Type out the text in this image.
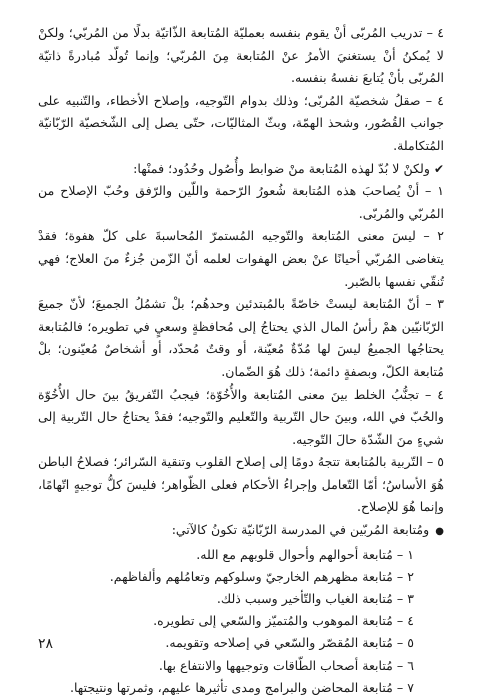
٤ – تدريب المُربّى أنْ يقوم بنفسه بعمليّة المُتابعة الذّاتيّة بدلًا من المُربّي؛ ولكنْ لا يُمكنُ أنْ يستغنيَ الأمرُ عنْ المُتابعة مِنَ المُربّي؛ وإنما تُولّد مُبادرةً ذاتيّة المُربّى بأنْ يُتابعَ نفسهُ بنفسه.

٤ – صقلُ شخصيّة المُربّى؛ وذلك بدوام التّوجيه، وإصلاح الأخطاء، والتّنبيه على جوانب القُصُور، وشحذ الهمّة، وبثّ المثاليّات، حتّى يصل إلى الشّخصيّة الرّبّانيّة المُتكاملة.

✔ولكنْ لا بُدّ لهذه المُتابعة منْ ضوابط وأُصُول وحُدُود؛ فمنْها:

١ – أنْ يُصاحبَ هذه المُتابعة شُعورُ الرّحمة واللّين والرّفق وحُبّ الإصلاح من المُربّي والمُربّى.

٢ – ليسَ معنى المُتابعة والتّوجيه المُستمرّ المُحاسبةَ على كلّ هفوة؛ فقدْ يتغاضى المُربّي أحيانًا عنْ بعض الهفوات لعلمه أنّ الزّمن جُزءٌ منَ العلاج؛ فهي تُنقّي نفسها بالصّبر.

٣ – أنّ المُتابعة ليستْ خاصّةً بالمُبتدئين وحدهُم؛ بلْ تشمُلُ الجميعَ؛ لأنّ جميعَ الرّبّانيّين همْ رأسُ المال الذي يحتاجُ إلى مُحافظةٍ وسعيٍ في تطويره؛ فالمُتابعة يحتاجُها الجميعُ ليسَ لها مُدّةٌ مُعيّنة، أو وقتٌ مُحدّد، أو أشخاصٌ مُعيّنون؛ بلْ مُتابعة الكلّ، وبصفةٍ دائمة؛ ذلك هُوَ الضّمان.

٤ – تجنُّبُ الخلط بينَ معنى المُتابعة والأُخُوّة؛ فيجبُ التّفريقُ بينَ حال الأُخُوّة والحُبّ في الله، وبينَ حال التّربية والتّعليم والتّوجيه؛ فقدْ يحتاجُ حال التّربية إلى شيءٍ منَ الشّدّة حالَ التّوجيه.

٥ – التّربية بالمُتابعة تتجهُ دومًا إلى إصلاح القلوب وتنقية السّرائر؛ فصلاحُ الباطن هُوَ الأساسُ؛ أمّا التّعامل وإجراءُ الأحكام فعلى الظّواهر؛ فليسَ كلُّ توجيهٍ اتّهامًا، وإنما هُوَ للإصلاح.

●ومُتابعة المُربّين في المدرسة الرّبّانيّة تكونُ كالآتي:

١ – مُتابعة أحوالهم وأحوال قلوبهم مع الله.
٢ – مُتابعة مظهرهم الخارجيّ وسلوكهم وتعامُلهم وألفاظهم.
٣ – مُتابعة الغياب والتّأخير وسبب ذلك.
٤ – مُتابعة الموهوب والمُتميّز والسّعي إلى تطويره.
٥ – مُتابعة المُقصّر والسّعي في إصلاحه وتقويمه.
٦ – مُتابعة أصحاب الطّاقات وتوجيهها والانتفاع بها.
٧ – مُتابعة المحاضن والبرامج ومدى تأثيرها عليهم، وثمرتها ونتيجتها.
٢٨
